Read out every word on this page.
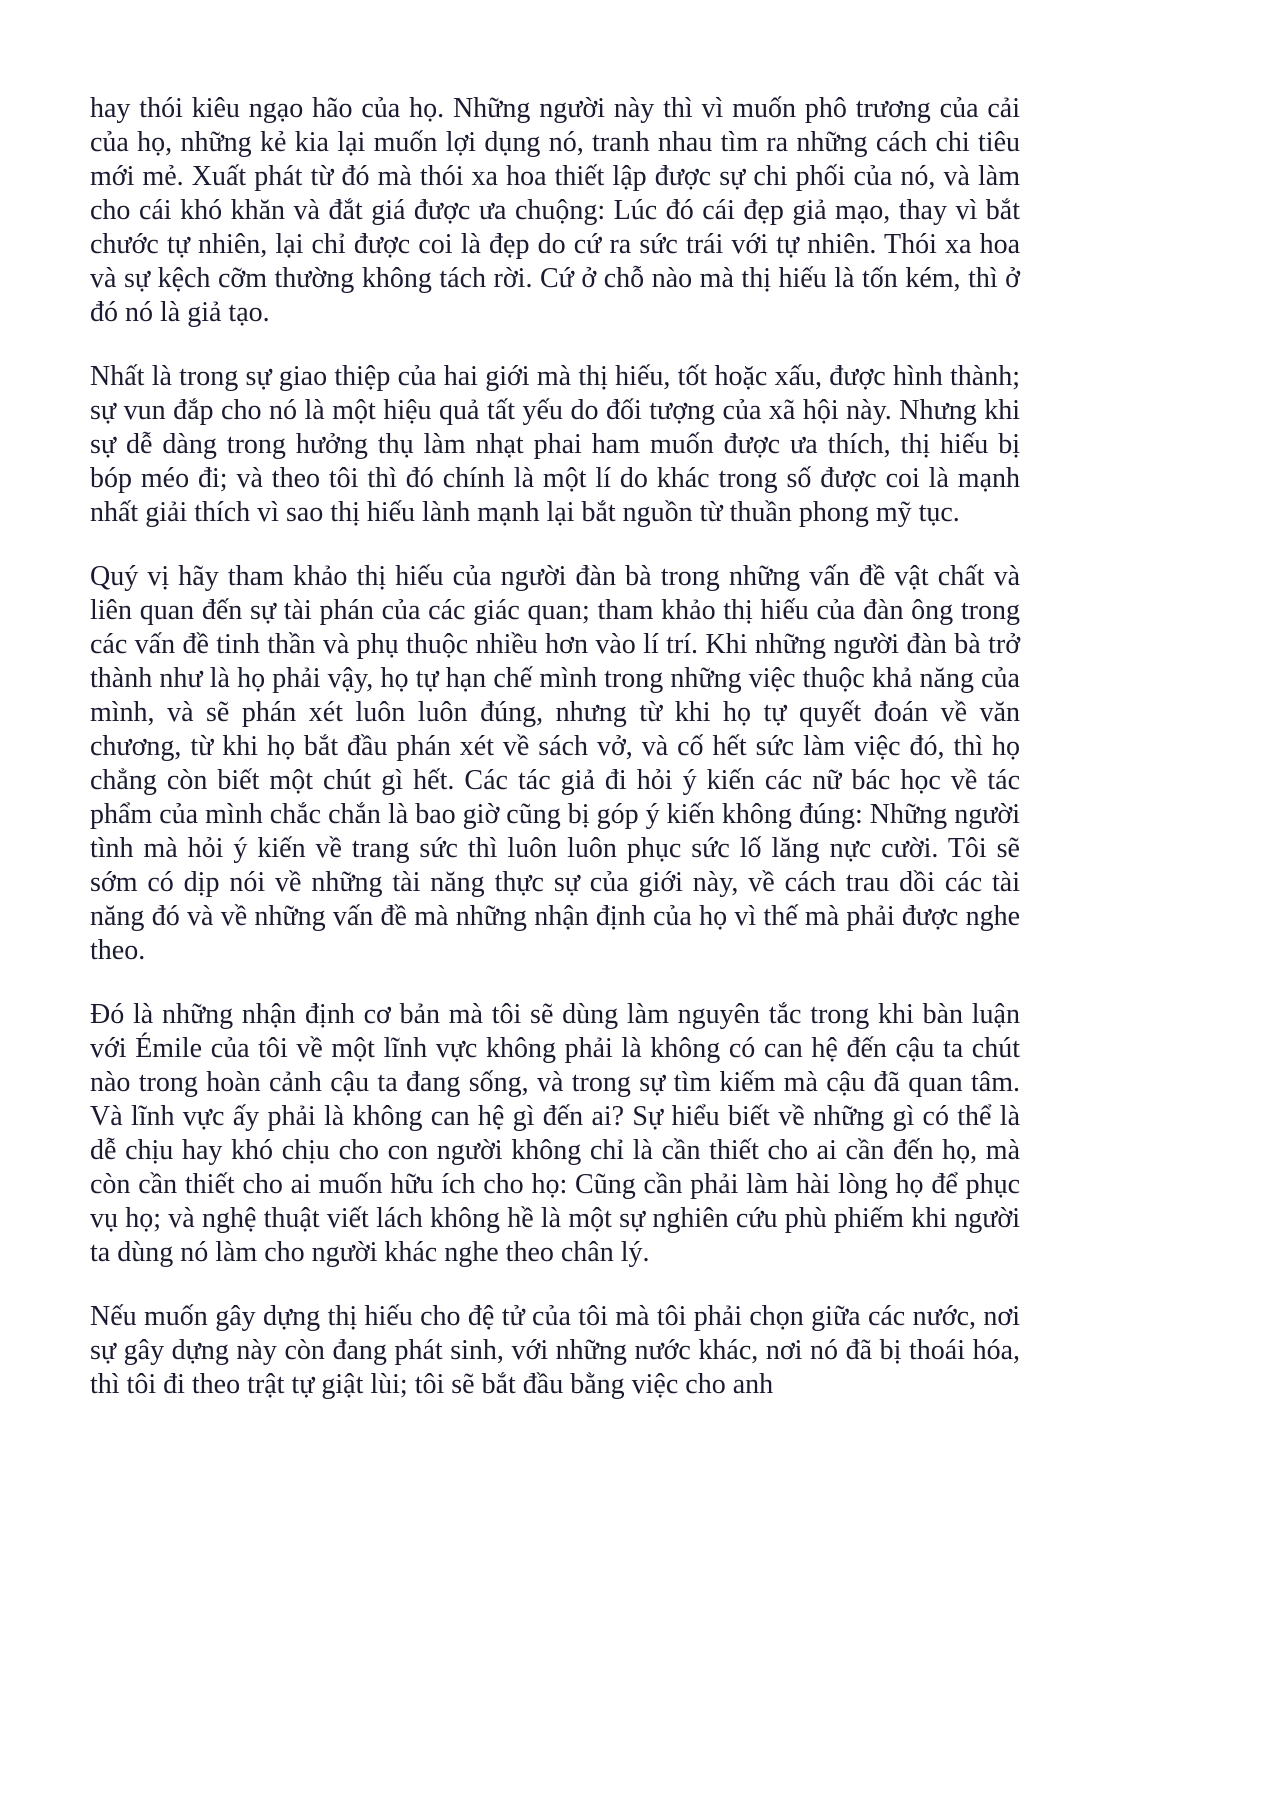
hay thói kiêu ngạo hão của họ. Những người này thì vì muốn phô trương của cải của họ, những kẻ kia lại muốn lợi dụng nó, tranh nhau tìm ra những cách chi tiêu mới mẻ. Xuất phát từ đó mà thói xa hoa thiết lập được sự chi phối của nó, và làm cho cái khó khăn và đắt giá được ưa chuộng: Lúc đó cái đẹp giả mạo, thay vì bắt chước tự nhiên, lại chỉ được coi là đẹp do cứ ra sức trái với tự nhiên. Thói xa hoa và sự kệch cỡm thường không tách rời. Cứ ở chỗ nào mà thị hiếu là tốn kém, thì ở đó nó là giả tạo.

Nhất là trong sự giao thiệp của hai giới mà thị hiếu, tốt hoặc xấu, được hình thành; sự vun đắp cho nó là một hiệu quả tất yếu do đối tượng của xã hội này. Nhưng khi sự dễ dàng trong hưởng thụ làm nhạt phai ham muốn được ưa thích, thị hiếu bị bóp méo đi; và theo tôi thì đó chính là một lí do khác trong số được coi là mạnh nhất giải thích vì sao thị hiếu lành mạnh lại bắt nguồn từ thuần phong mỹ tục.

Quý vị hãy tham khảo thị hiếu của người đàn bà trong những vấn đề vật chất và liên quan đến sự tài phán của các giác quan; tham khảo thị hiếu của đàn ông trong các vấn đề tinh thần và phụ thuộc nhiều hơn vào lí trí. Khi những người đàn bà trở thành như là họ phải vậy, họ tự hạn chế mình trong những việc thuộc khả năng của mình, và sẽ phán xét luôn luôn đúng, nhưng từ khi họ tự quyết đoán về văn chương, từ khi họ bắt đầu phán xét về sách vở, và cố hết sức làm việc đó, thì họ chẳng còn biết một chút gì hết. Các tác giả đi hỏi ý kiến các nữ bác học về tác phẩm của mình chắc chắn là bao giờ cũng bị góp ý kiến không đúng: Những người tình mà hỏi ý kiến về trang sức thì luôn luôn phục sức lố lăng nực cười. Tôi sẽ sớm có dịp nói về những tài năng thực sự của giới này, về cách trau dồi các tài năng đó và về những vấn đề mà những nhận định của họ vì thế mà phải được nghe theo.

Đó là những nhận định cơ bản mà tôi sẽ dùng làm nguyên tắc trong khi bàn luận với Émile của tôi về một lĩnh vực không phải là không có can hệ đến cậu ta chút nào trong hoàn cảnh cậu ta đang sống, và trong sự tìm kiếm mà cậu đã quan tâm. Và lĩnh vực ấy phải là không can hệ gì đến ai? Sự hiểu biết về những gì có thể là dễ chịu hay khó chịu cho con người không chỉ là cần thiết cho ai cần đến họ, mà còn cần thiết cho ai muốn hữu ích cho họ: Cũng cần phải làm hài lòng họ để phục vụ họ; và nghệ thuật viết lách không hề là một sự nghiên cứu phù phiếm khi người ta dùng nó làm cho người khác nghe theo chân lý.

Nếu muốn gây dựng thị hiếu cho đệ tử của tôi mà tôi phải chọn giữa các nước, nơi sự gây dựng này còn đang phát sinh, với những nước khác, nơi nó đã bị thoái hóa, thì tôi đi theo trật tự giật lùi; tôi sẽ bắt đầu bằng việc cho anh
